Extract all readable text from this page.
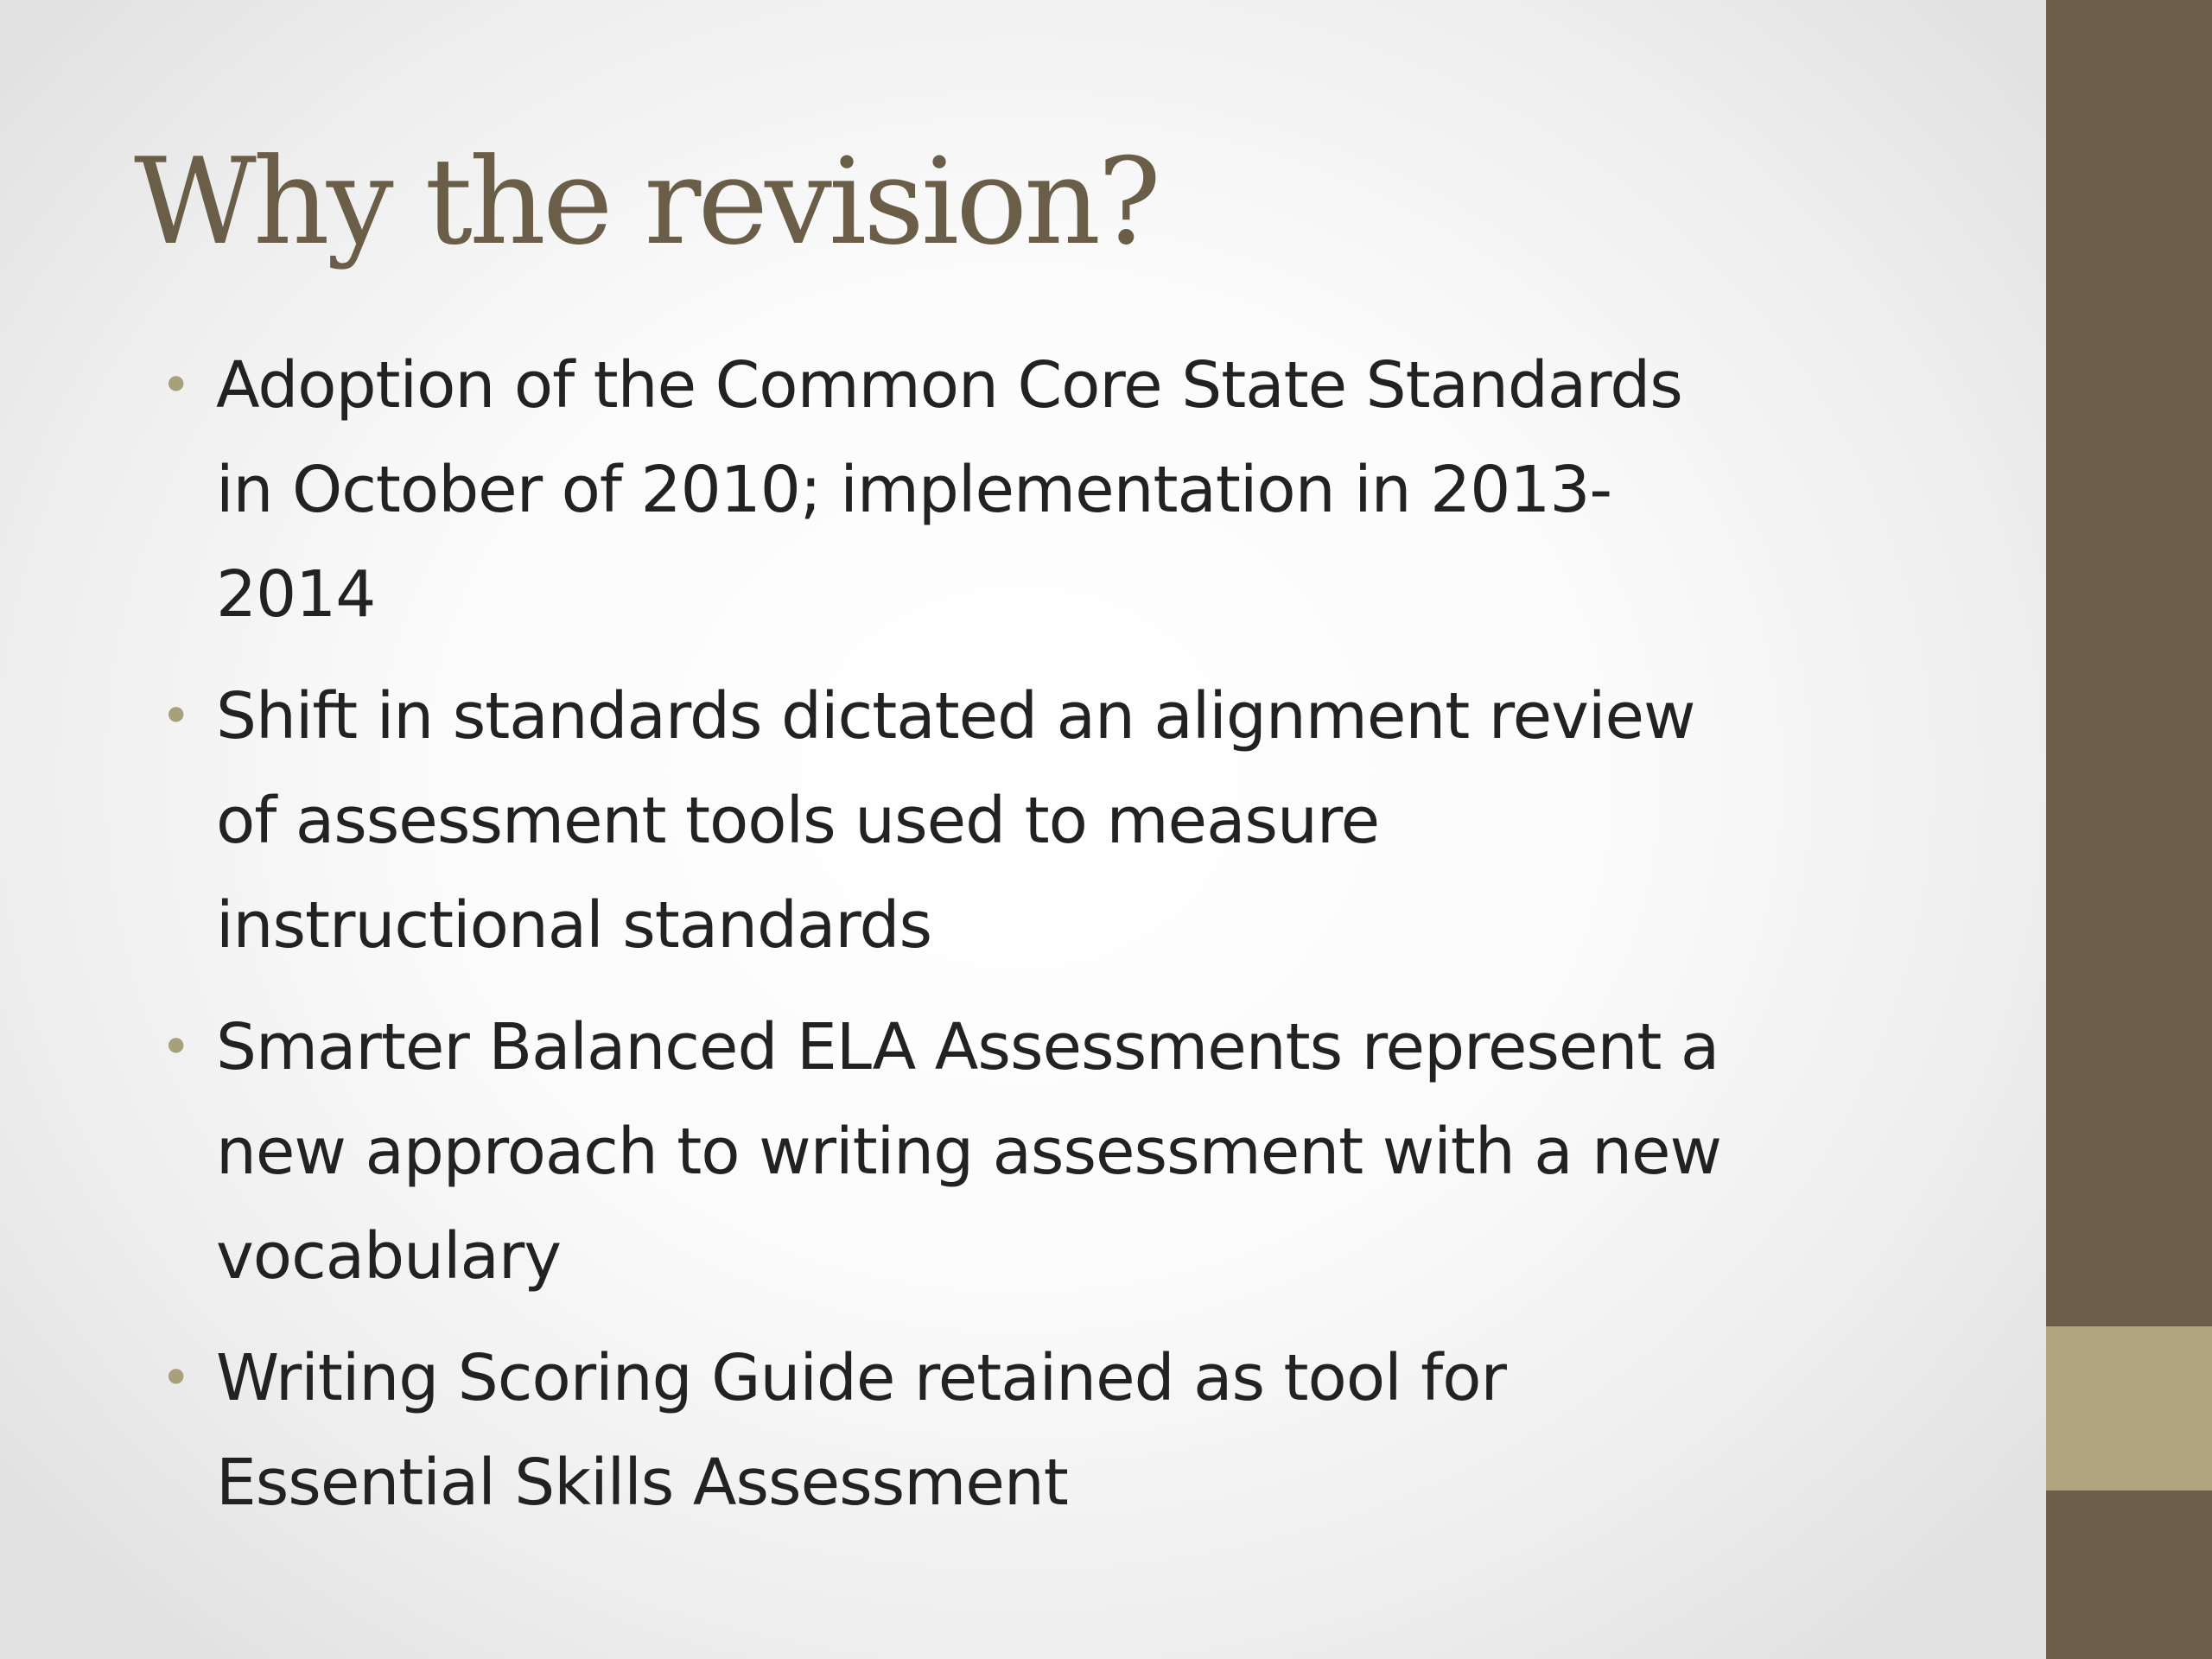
Why the revision?
• Adoption of the Common Core State Standards
in October of 2010; implementation in 2013-
2014
• Shift in standards dictated an alignment review
of assessment tools used to measure
instructional standards
• Smarter Balanced ELA Assessments represent a
new approach to writing assessment with a new
vocabulary
• Writing Scoring Guide retained as tool for
Essential Skills Assessment
